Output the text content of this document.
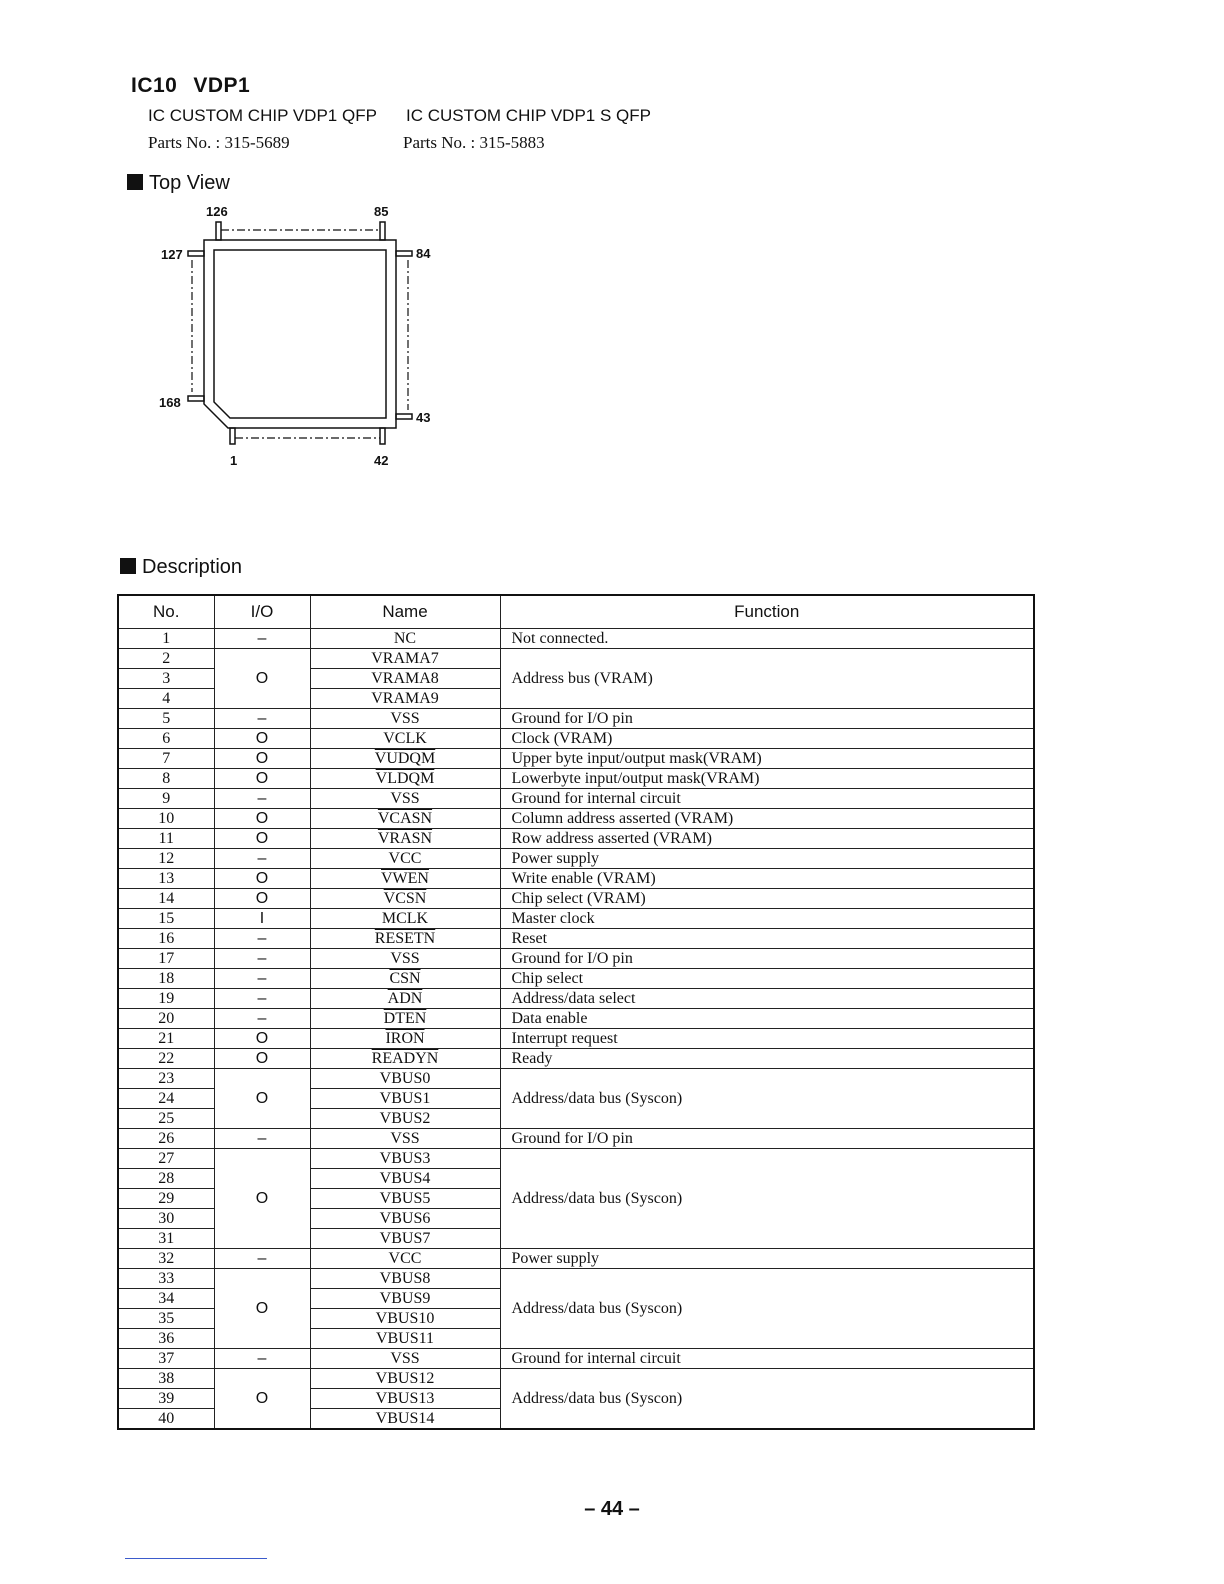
IC10 VDP1
IC CUSTOM CHIP VDP1 QFP
Parts No. : 315-5689
IC CUSTOM CHIP VDP1 S QFP
Parts No. : 315-5883
Top View
126	85
127	84
168
43
1	42
Description
No.	I/O	Name	Function
1	–	NC	Not connected.
2	O	VRAMA7	Address bus (VRAM)
3		VRAMA8	
4		VRAMA9	
5	–	VSS	Ground for I/O pin
6	O	VCLK	Clock (VRAM)
7	O	VUDQM	Upper byte input/output mask(VRAM)
8	O	VLDQM	Lowerbyte input/output mask(VRAM)
9	–	VSS	Ground for internal circuit
10	O	VCASN	Column address asserted (VRAM)
11	O	VRASN	Row address asserted (VRAM)
12	–	VCC	Power supply
13	O	VWEN	Write enable (VRAM)
14	O	VCSN	Chip select (VRAM)
15	I	MCLK	Master clock
16	–	RESETN	Reset
17	–	VSS	Ground for I/O pin
18	–	$\overline{CSN}$	Chip select
19	–	$\overline{ADN}$	Address/data select
20	–	DTEN	Data enable
21	O	IRON	Interrupt request
22	O	READYN	Ready
23	O	VBUS0	Address/data bus (Syscon)
24		VBUS1	
25		VBUS2	
26	–	VSS	Ground for I/O pin
27	O	VBUS3	Address/data bus (Syscon)
28		VBUS4	
29		VBUS5	
30		VBUS6	
31		VBUS7	
32	–	VCC	Power supply
33	O	VBUS8	Address/data bus (Syscon)
34		VBUS9	
35		VBUS10	
36		VBUS11	
37	–	VSS	Ground for internal circuit
38	O	VBUS12	Address/data bus (Syscon)
39		VBUS13	
40		VBUS14	
– 44 –
